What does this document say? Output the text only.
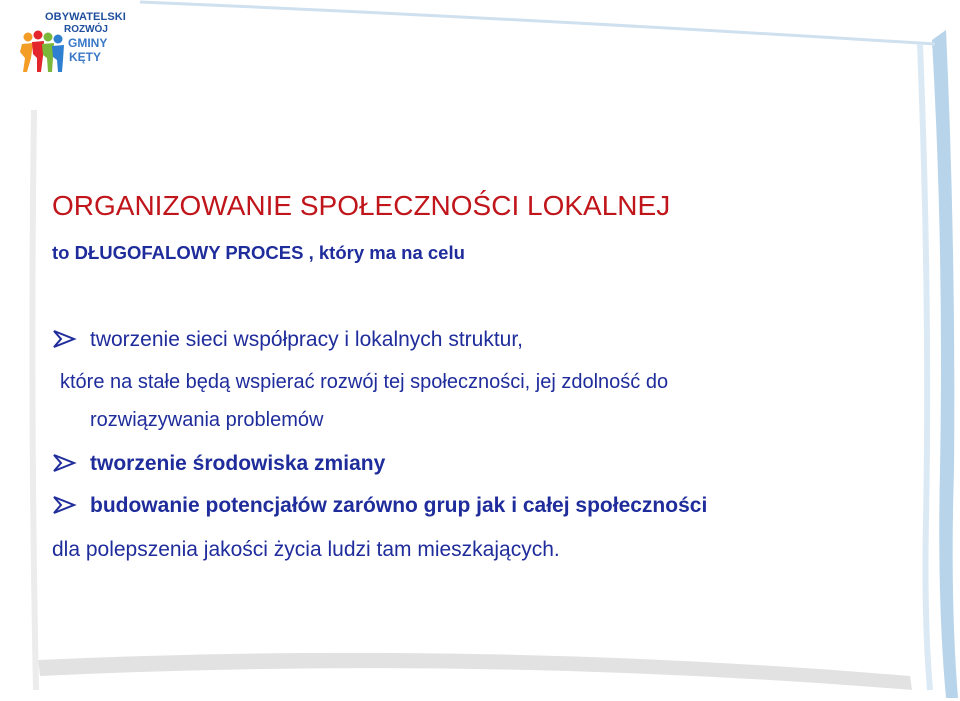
OBYWATELSKI
ROZWÓJ
GMINY
KĘTY
ORGANIZOWANIE SPOŁECZNOŚCI LOKALNEJ
to DŁUGOFALOWY PROCES , który ma na celu
tworzenie sieci współpracy i lokalnych struktur,
które na stałe będą wspierać rozwój tej społeczności, jej zdolność do
rozwiązywania problemów
tworzenie środowiska zmiany
budowanie potencjałów zarówno grup jak i całej społeczności
dla polepszenia jakości życia ludzi tam mieszkających.
